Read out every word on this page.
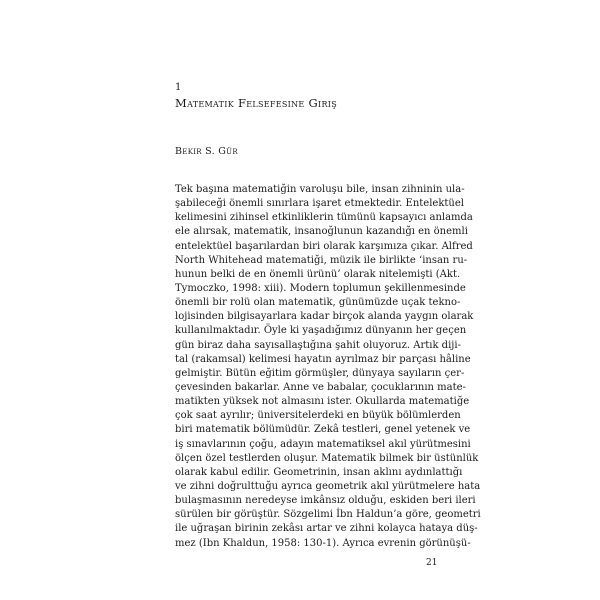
1
Matematik Felsefesine Giriş
Bekir S. Gür
Tek başına matematiğin varoluşu bile, insan zihninin ula-
şabileceği önemli sınırlara işaret etmektedir. Entelektüel
kelimesini zihinsel etkinliklerin tümünü kapsayıcı anlamda
ele alırsak, matematik, insanoğlunun kazandığı en önemli
entelektüel başarılardan biri olarak karşımıza çıkar. Alfred
North Whitehead matematiği, müzik ile birlikte ‘insan ru-
hunun belki de en önemli ürünü’ olarak nitelemişti (Akt.
Tymoczko, 1998: xiii). Modern toplumun şekillenmesinde
önemli bir rolü olan matematik, günümüzde uçak tekno-
lojisinden bilgisayarlara kadar birçok alanda yaygın olarak
kullanılmaktadır. Öyle ki yaşadığımız dünyanın her geçen
gün biraz daha sayısallaştığına şahit oluyoruz. Artık diji-
tal (rakamsal) kelimesi hayatın ayrılmaz bir parçası hâline
gelmiştir. Bütün eğitim görmüşler, dünyaya sayıların çer-
çevesinden bakarlar. Anne ve babalar, çocuklarının mate-
matikten yüksek not almasını ister. Okullarda matematiğe
çok saat ayrılır; üniversitelerdeki en büyük bölümlerden
biri matematik bölümüdür. Zekâ testleri, genel yetenek ve
iş sınavlarının çoğu, adayın matematiksel akıl yürütmesini
ölçen özel testlerden oluşur. Matematik bilmek bir üstünlük
olarak kabul edilir. Geometrinin, insan aklını aydınlattığı
ve zihni doğrulttuğu ayrıca geometrik akıl yürütmelere hata
bulaşmasının neredeyse imkânsız olduğu, eskiden beri ileri
sürülen bir görüştür. Sözgelimi İbn Haldun’a göre, geometri
ile uğraşan birinin zekâsı artar ve zihni kolayca hataya düş-
mez (Ibn Khaldun, 1958: 130-1). Ayrıca evrenin görünüşü-
21
